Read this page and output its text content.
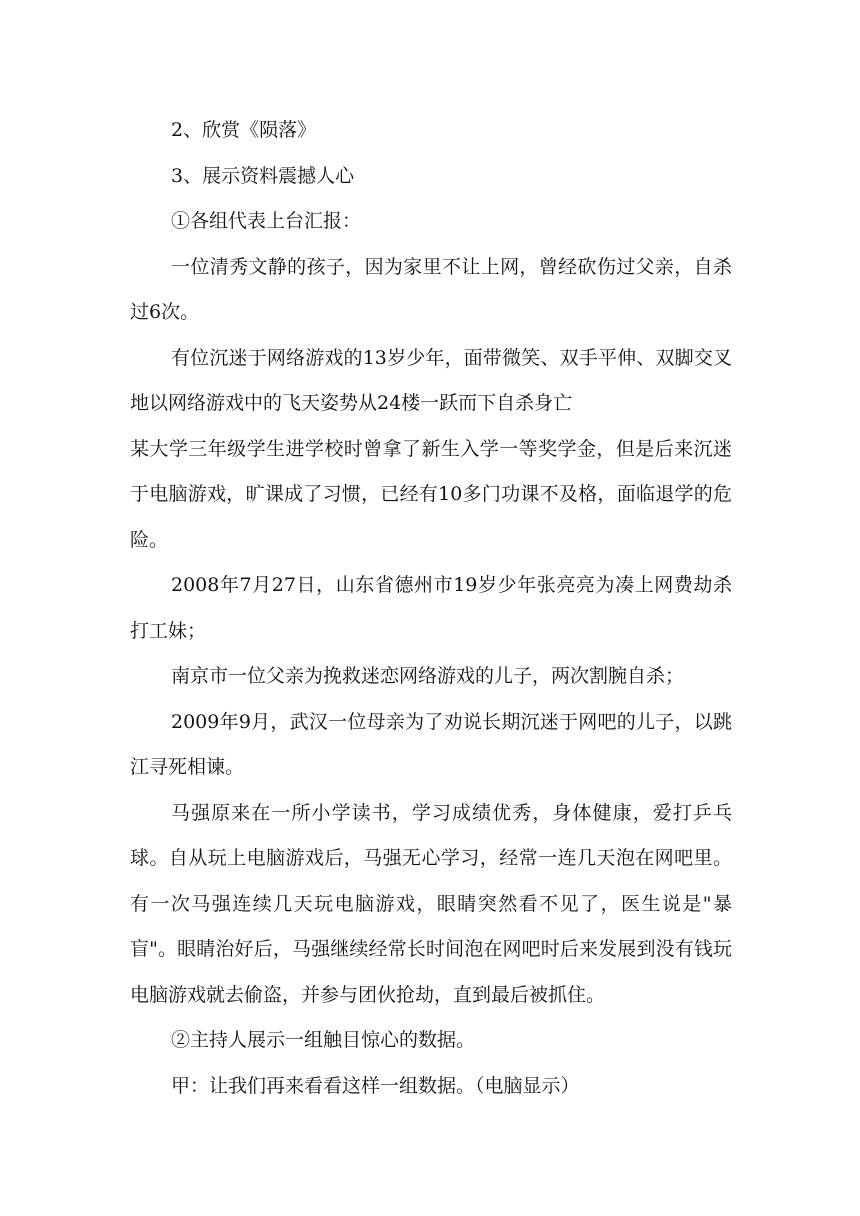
2、欣赏《陨落》

3、展示资料震撼人心

①各组代表上台汇报：

一位清秀文静的孩子，因为家里不让上网，曾经砍伤过父亲，自杀过6次。

有位沉迷于网络游戏的13岁少年，面带微笑、双手平伸、双脚交叉地以网络游戏中的飞天姿势从24楼一跃而下自杀身亡

某大学三年级学生进学校时曾拿了新生入学一等奖学金，但是后来沉迷于电脑游戏，旷课成了习惯，已经有10多门功课不及格，面临退学的危险。

2008年7月27日，山东省德州市19岁少年张亮亮为凑上网费劫杀打工妹；

南京市一位父亲为挽救迷恋网络游戏的儿子，两次割腕自杀；

2009年9月，武汉一位母亲为了劝说长期沉迷于网吧的儿子，以跳江寻死相谏。

马强原来在一所小学读书，学习成绩优秀，身体健康，爱打乒乓球。自从玩上电脑游戏后，马强无心学习，经常一连几天泡在网吧里。有一次马强连续几天玩电脑游戏，眼睛突然看不见了，医生说是"暴盲"。眼睛治好后，马强继续经常长时间泡在网吧时后来发展到没有钱玩电脑游戏就去偷盗，并参与团伙抢劫，直到最后被抓住。

②主持人展示一组触目惊心的数据。

甲：让我们再来看看这样一组数据。（电脑显示）
